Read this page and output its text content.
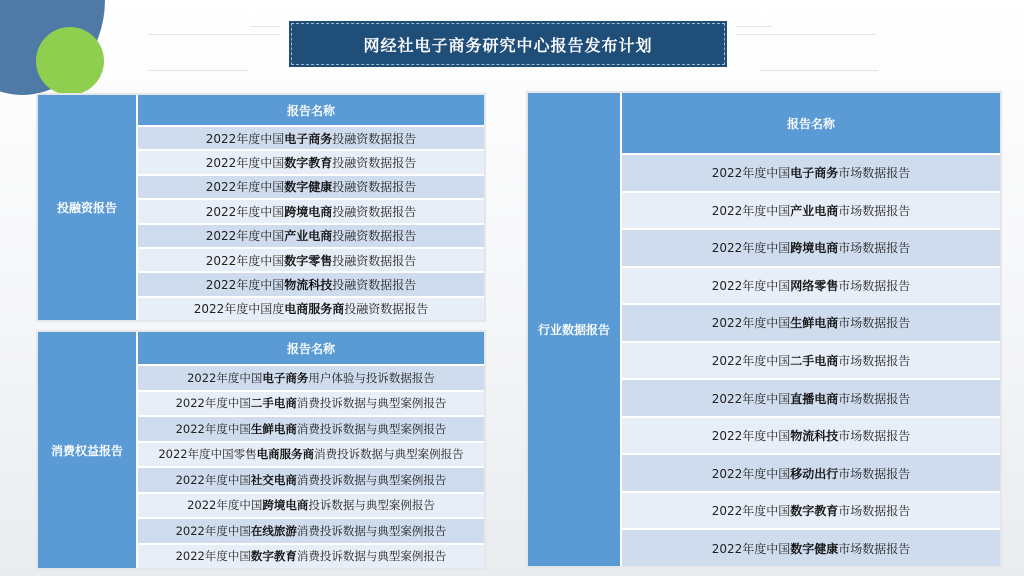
网经社电子商务研究中心报告发布计划
投融资报告
报告名称
2022年度中国 电子商务 投融资数据报告
2022年度中国 数字教育 投融资数据报告
2022年度中国 数字健康 投融资数据报告
2022年度中国 跨境电商 投融资数据报告
2022年度中国 产业电商 投融资数据报告
2022年度中国 数字零售 投融资数据报告
2022年度中国 物流科技 投融资数据报告
2022年度中国度 电商服务商 投融资数据报告
消费权益报告
报告名称
2022年度中国 电子商务 用户体验与投诉数据报告
2022年度中国 二手电商 消费投诉数据与典型案例报告
2022年度中国 生鲜电商 消费投诉数据与典型案例报告
2022年度中国零售 电商服务商 消费投诉数据与典型案例报告
2022年度中国 社交电商 消费投诉数据与典型案例报告
2022年度中国 跨境电商 投诉数据与典型案例报告
2022年度中国 在线旅游 消费投诉数据与典型案例报告
2022年度中国 数字教育 消费投诉数据与典型案例报告
行业数据报告
报告名称
2022年度中国 电子商务 市场数据报告
2022年度中国 产业电商 市场数据报告
2022年度中国 跨境电商 市场数据报告
2022年度中国 网络零售 市场数据报告
2022年度中国 生鲜电商 市场数据报告
2022年度中国 二手电商 市场数据报告
2022年度中国 直播电商 市场数据报告
2022年度中国 物流科技 市场数据报告
2022年度中国 移动出行 市场数据报告
2022年度中国 数字教育 市场数据报告
2022年度中国 数字健康 市场数据报告
